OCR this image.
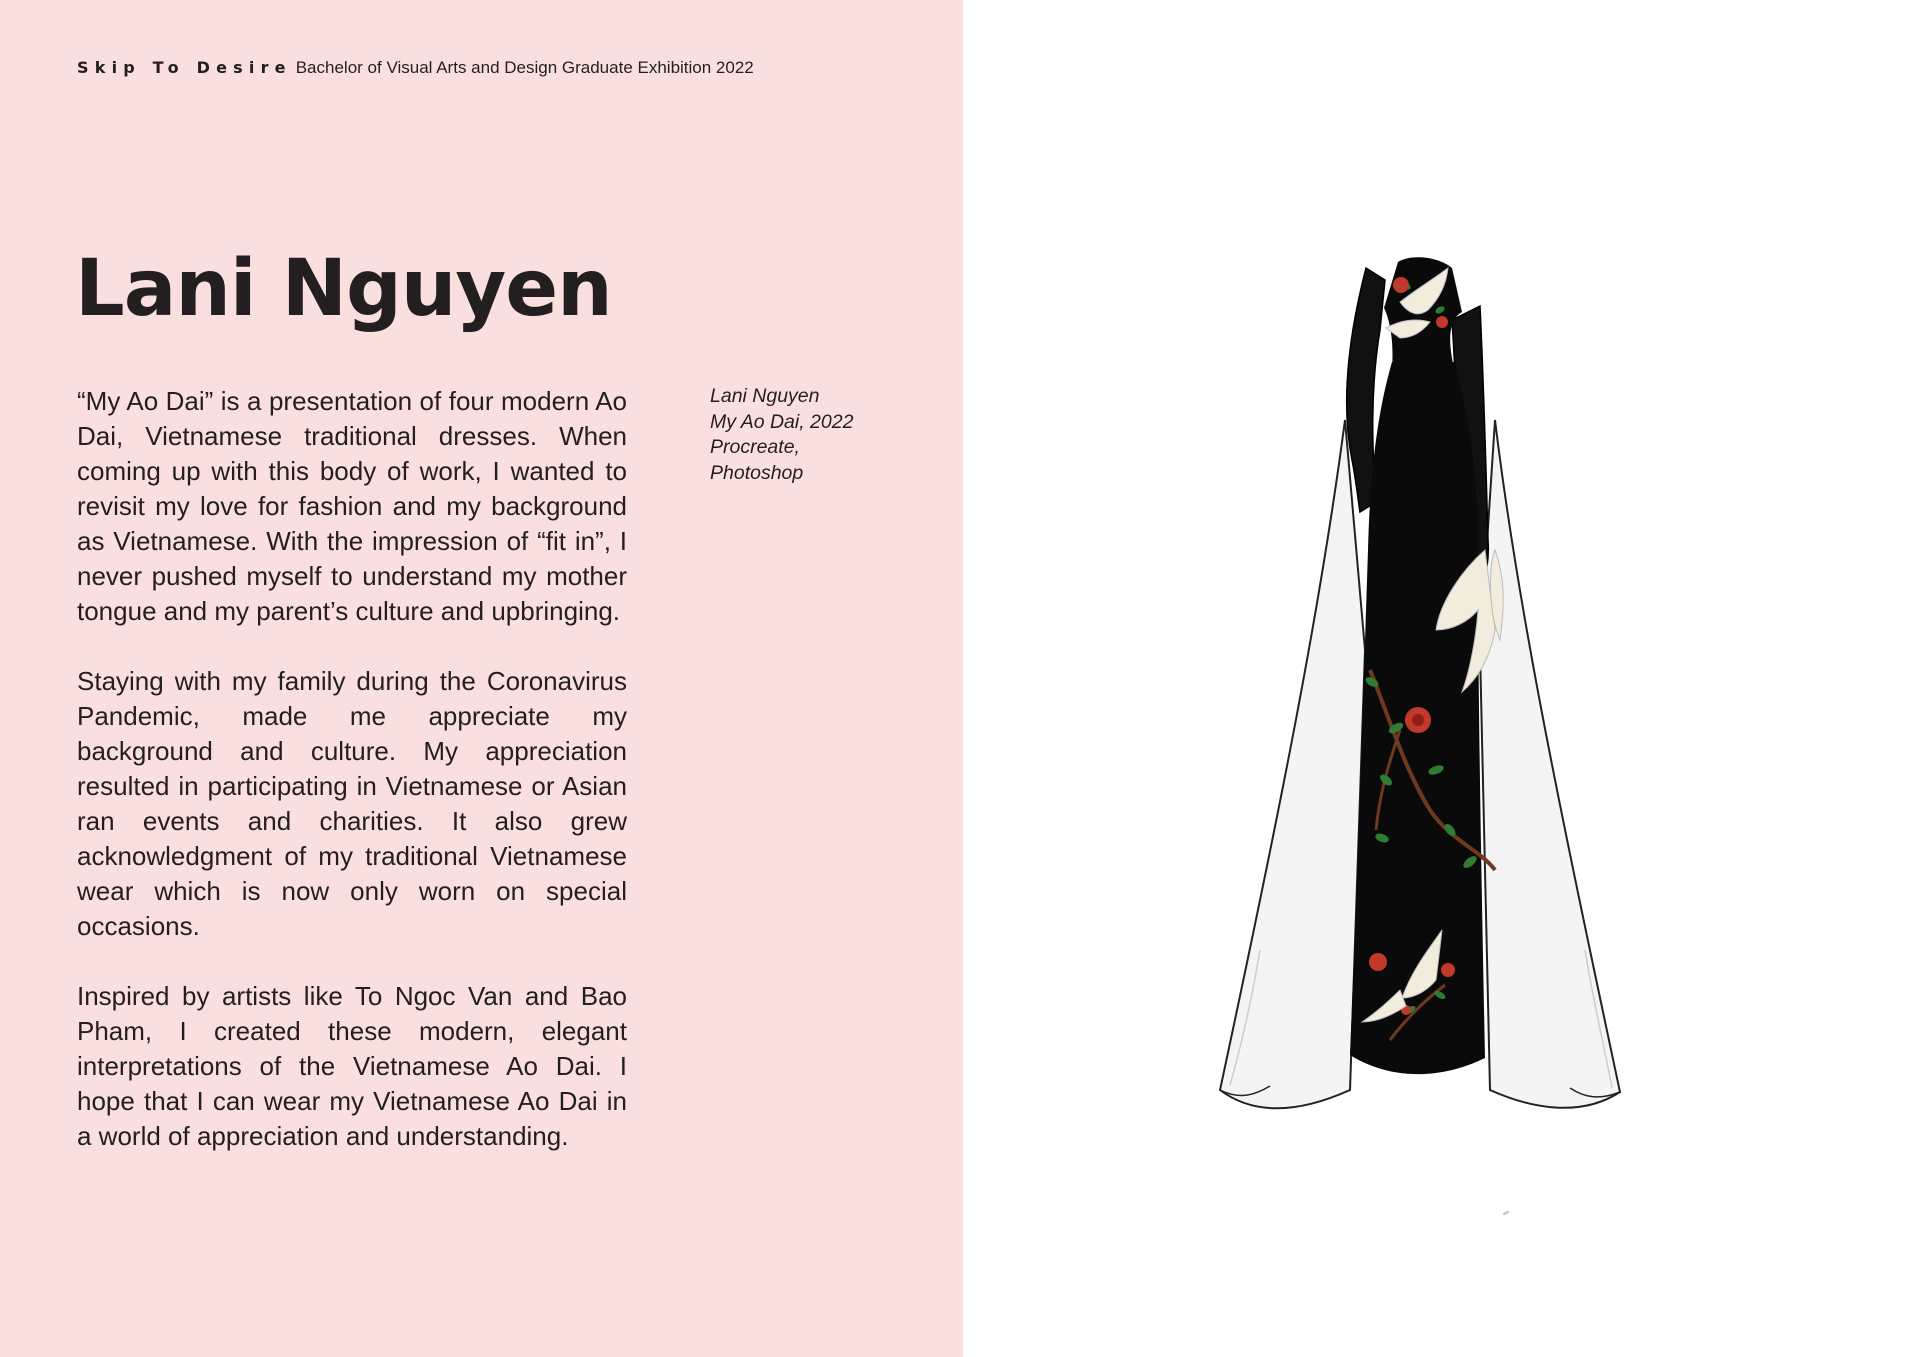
Skip To Desire Bachelor of Visual Arts and Design Graduate Exhibition 2022
Lani Nguyen

“My Ao Dai” is a presentation of four modern Ao Dai, Vietnamese traditional dresses. When coming up with this body of work, I wanted to revisit my love for fashion and my background as Vietnamese. With the impression of “fit in”, I never pushed myself to understand my mother tongue and my parent’s culture and upbringing.

Staying with my family during the Coronavirus Pandemic, made me appreciate my background and culture. My appreciation resulted in participating in Vietnamese or Asian ran events and charities. It also grew acknowledgment of my traditional Vietnamese wear which is now only worn on special occasions.

Inspired by artists like To Ngoc Van and Bao Pham, I created these modern, elegant interpretations of the Vietnamese Ao Dai. I hope that I can wear my Vietnamese Ao Dai in a world of appreciation and understanding.

Lani Nguyen
My Ao Dai, 2022
Procreate,
Photoshop
